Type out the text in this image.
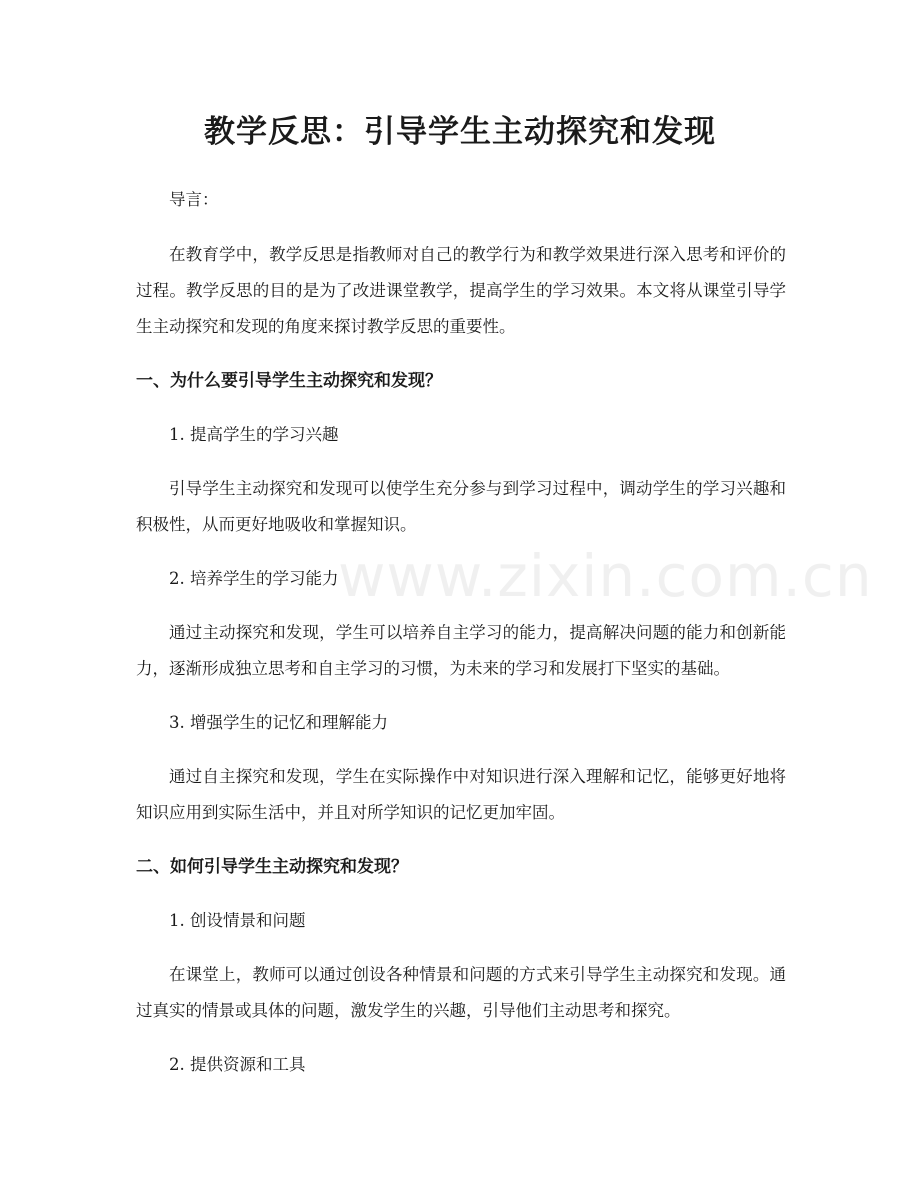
教学反思：引导学生主动探究和发现

导言：

在教育学中，教学反思是指教师对自己的教学行为和教学效果进行深入思考和评价的过程。教学反思的目的是为了改进课堂教学，提高学生的学习效果。本文将从课堂引导学生主动探究和发现的角度来探讨教学反思的重要性。

一、为什么要引导学生主动探究和发现？

1. 提高学生的学习兴趣

引导学生主动探究和发现可以使学生充分参与到学习过程中，调动学生的学习兴趣和积极性，从而更好地吸收和掌握知识。

2. 培养学生的学习能力

通过主动探究和发现，学生可以培养自主学习的能力，提高解决问题的能力和创新能力，逐渐形成独立思考和自主学习的习惯，为未来的学习和发展打下坚实的基础。

3. 增强学生的记忆和理解能力

通过自主探究和发现，学生在实际操作中对知识进行深入理解和记忆，能够更好地将知识应用到实际生活中，并且对所学知识的记忆更加牢固。

二、如何引导学生主动探究和发现？

1. 创设情景和问题

在课堂上，教师可以通过创设各种情景和问题的方式来引导学生主动探究和发现。通过真实的情景或具体的问题，激发学生的兴趣，引导他们主动思考和探究。

2. 提供资源和工具

www.zixin.com.cn
